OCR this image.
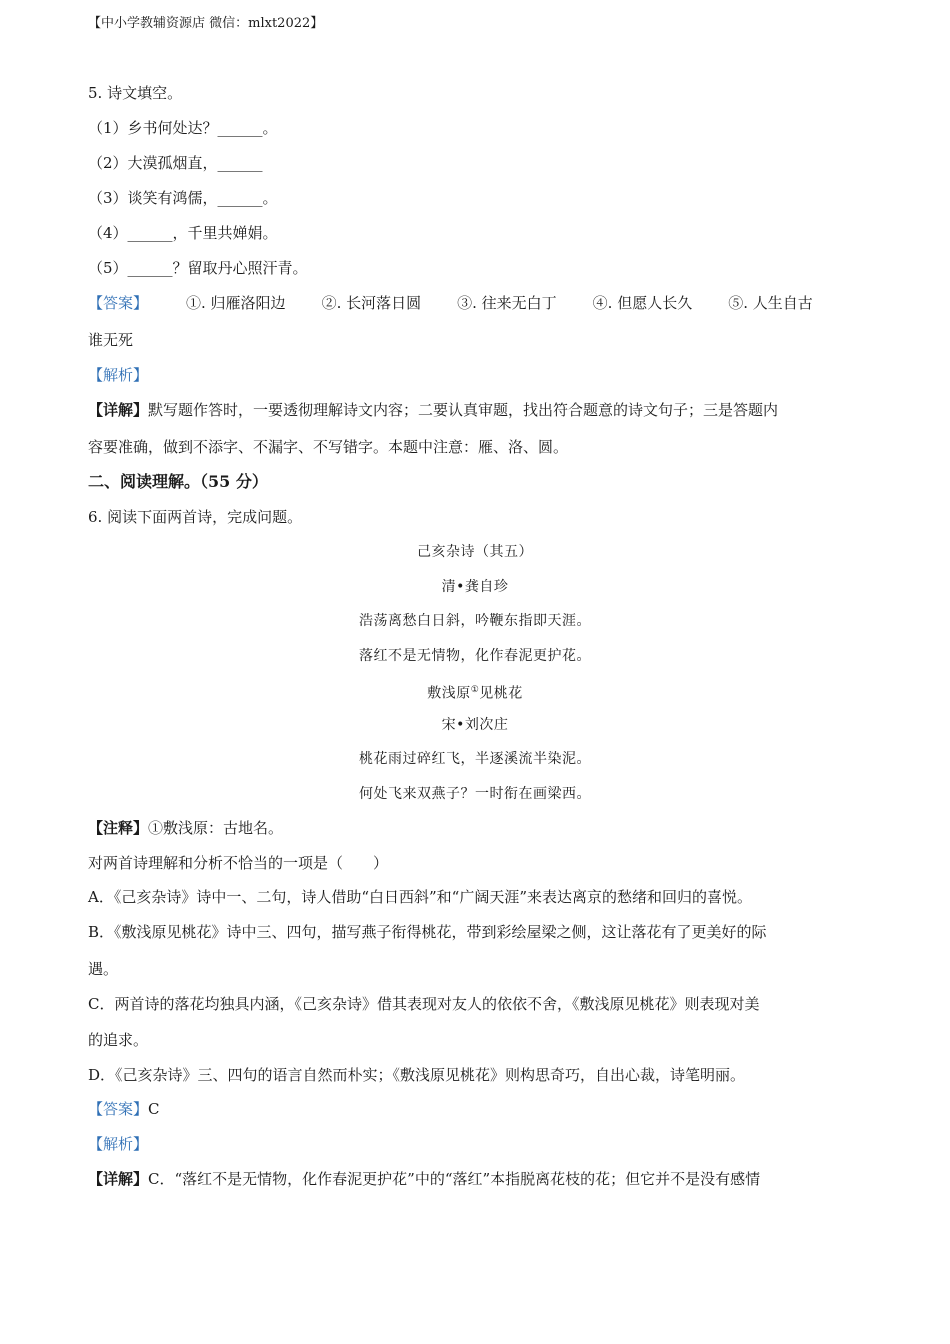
【中小学教辅资源店 微信：mlxt2022】
5. 诗文填空。
（1）乡书何处达？______。
（2）大漠孤烟直，______
（3）谈笑有鸿儒，______。
（4）______，千里共婵娟。
（5）______？留取丹心照汗青。
【答案】	①. 归雁洛阳边 ②. 长河落日圆 ③. 往来无白丁 ④. 但愿人长久 ⑤. 人生自古
谁无死
【解析】
【详解】默写题作答时，一要透彻理解诗文内容；二要认真审题，找出符合题意的诗文句子；三是答题内
容要准确，做到不添字、不漏字、不写错字。本题中注意：雁、洛、圆。
二、阅读理解。（55 分）
6. 阅读下面两首诗，完成问题。
己亥杂诗（其五）
清•龚自珍
浩荡离愁白日斜，吟鞭东指即天涯。
落红不是无情物，化作春泥更护花。
敷浅原①见桃花
宋•刘次庄
桃花雨过碎红飞，半逐溪流半染泥。
何处飞来双燕子？一时衔在画梁西。
【注释】①敷浅原：古地名。
对两首诗理解和分析不恰当的一项是（　　）
A．《己亥杂诗》诗中一、二句，诗人借助“白日西斜”和“广阔天涯”来表达离京的愁绪和回归的喜悦。
B．《敷浅原见桃花》诗中三、四句，描写燕子衔得桃花，带到彩绘屋梁之侧，这让落花有了更美好的际
遇。
C．两首诗的落花均独具内涵，《己亥杂诗》借其表现对友人的依依不舍，《敷浅原见桃花》则表现对美
的追求。
D．《己亥杂诗》三、四句的语言自然而朴实；《敷浅原见桃花》则构思奇巧，自出心裁，诗笔明丽。
【答案】C
【解析】
【详解】C．“落红不是无情物，化作春泥更护花”中的“落红”本指脱离花枝的花；但它并不是没有感情
